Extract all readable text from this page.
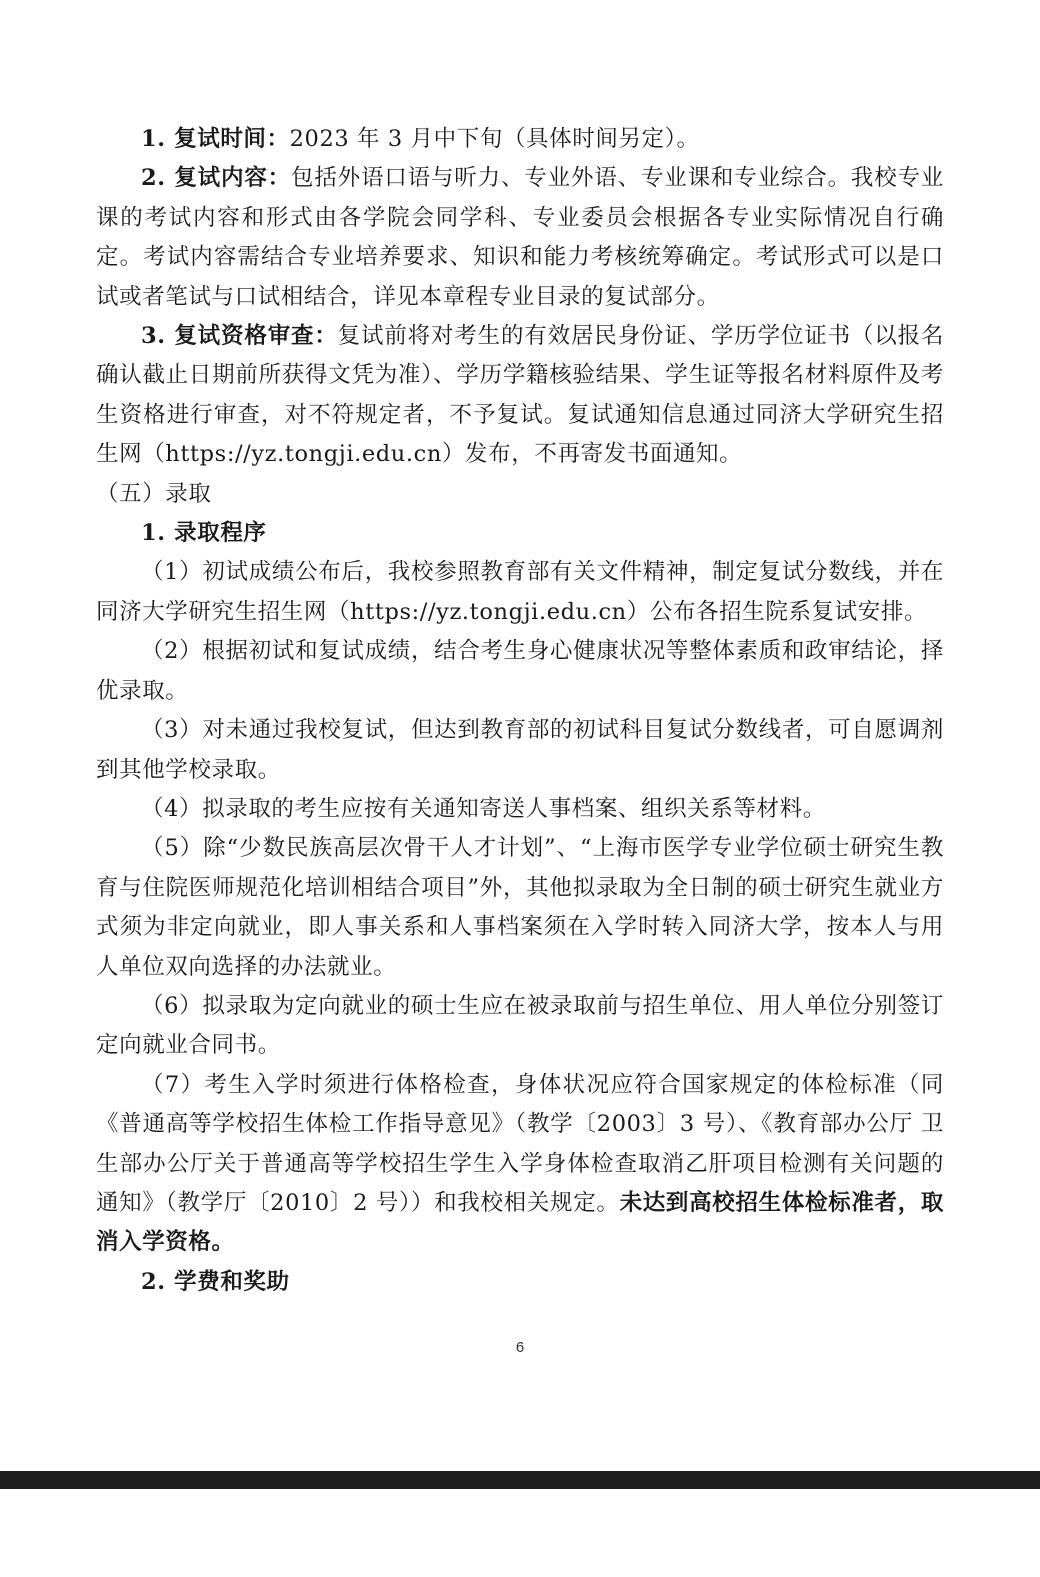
1. 复试时间：2023 年 3 月中下旬（具体时间另定）。

2. 复试内容：包括外语口语与听力、专业外语、专业课和专业综合。我校专业课的考试内容和形式由各学院会同学科、专业委员会根据各专业实际情况自行确定。考试内容需结合专业培养要求、知识和能力考核统筹确定。考试形式可以是口试或者笔试与口试相结合，详见本章程专业目录的复试部分。

3. 复试资格审查：复试前将对考生的有效居民身份证、学历学位证书（以报名确认截止日期前所获得文凭为准）、学历学籍核验结果、学生证等报名材料原件及考生资格进行审查，对不符规定者，不予复试。复试通知信息通过同济大学研究生招生网（https://yz.tongji.edu.cn）发布，不再寄发书面通知。

（五）录取

1. 录取程序

（1）初试成绩公布后，我校参照教育部有关文件精神，制定复试分数线，并在同济大学研究生招生网（https://yz.tongji.edu.cn）公布各招生院系复试安排。

（2）根据初试和复试成绩，结合考生身心健康状况等整体素质和政审结论，择优录取。

（3）对未通过我校复试，但达到教育部的初试科目复试分数线者，可自愿调剂到其他学校录取。

（4）拟录取的考生应按有关通知寄送人事档案、组织关系等材料。

（5）除“少数民族高层次骨干人才计划”、“上海市医学专业学位硕士研究生教育与住院医师规范化培训相结合项目”外，其他拟录取为全日制的硕士研究生就业方式须为非定向就业，即人事关系和人事档案须在入学时转入同济大学，按本人与用人单位双向选择的办法就业。

（6）拟录取为定向就业的硕士生应在被录取前与招生单位、用人单位分别签订定向就业合同书。

（7）考生入学时须进行体格检查，身体状况应符合国家规定的体检标准（同《普通高等学校招生体检工作指导意见》（教学〔2003〕3 号）、《教育部办公厅 卫生部办公厅关于普通高等学校招生学生入学身体检查取消乙肝项目检测有关问题的通知》（教学厅〔2010〕2 号））和我校相关规定。未达到高校招生体检标准者，取消入学资格。

2. 学费和奖助

6
